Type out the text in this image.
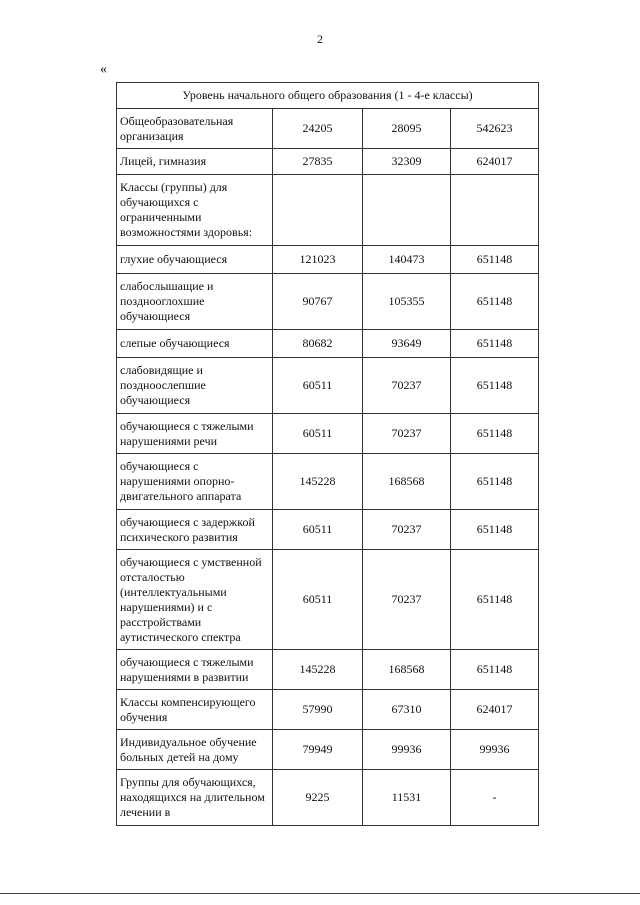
2
«
Уровень начального общего образования (1 - 4-е классы)			
Общеобразовательная организация	24205	28095	542623
Лицей, гимназия	27835	32309	624017
Классы (группы) для обучающихся с ограниченными возможностями здоровья:			
глухие обучающиеся	121023	140473	651148
слабослышащие и позднооглохшие обучающиеся	90767	105355	651148
слепые обучающиеся	80682	93649	651148
слабовидящие и поздноослепшие обучающиеся	60511	70237	651148
обучающиеся с тяжелыми нарушениями речи	60511	70237	651148
обучающиеся с нарушениями опорно-двигательного аппарата	145228	168568	651148
обучающиеся с задержкой психического развития	60511	70237	651148
обучающиеся с умственной отсталостью (интеллектуальными нарушениями) и с расстройствами аутистического спектра	60511	70237	651148
обучающиеся с тяжелыми нарушениями в развитии	145228	168568	651148
Классы компенсирующего обучения	57990	67310	624017
Индивидуальное обучение больных детей на дому	79949	99936	99936
Группы для обучающихся, находящихся на длительном лечении в	9225	11531	-
